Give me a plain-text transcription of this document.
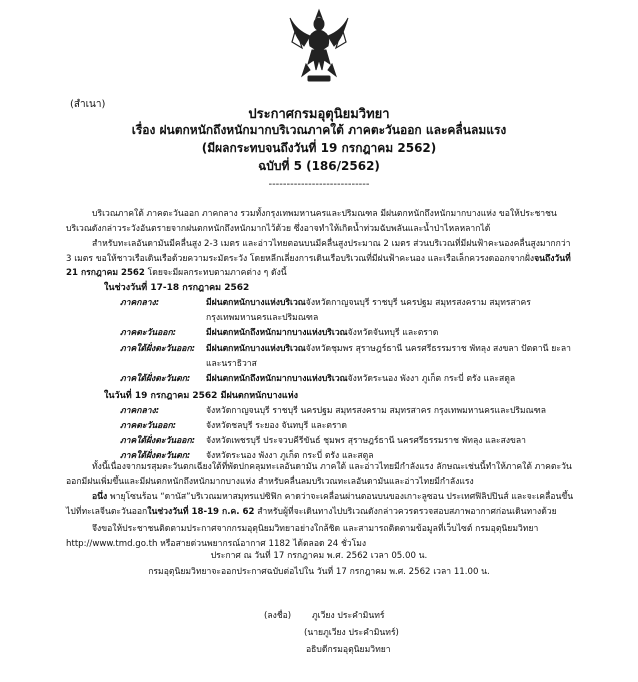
(สำเนา)
ประกาศกรมอุตุนิยมวิทยา
เรื่อง ฝนตกหนักถึงหนักมากบริเวณภาคใต้ ภาคตะวันออก และคลื่นลมแรง
(มีผลกระทบจนถึงวันที่ 19 กรกฎาคม 2562)
ฉบับที่ 5 (186/2562)
----------------------------
บริเวณภาคใต้ ภาคตะวันออก ภาคกลาง รวมทั้งกรุงเทพมหานครและปริมณฑล มีฝนตกหนักถึงหนักมากบางแห่ง ขอให้ประชาชนบริเวณดังกล่าวระวังอันตรายจากฝนตกหนักถึงหนักมากไว้ด้วย ซึ่งอาจทำให้เกิดน้ำท่วมฉับพลันและน้ำป่าไหลหลากได้
สำหรับทะเลอันดามันมีคลื่นสูง 2-3 เมตร และอ่าวไทยตอนบนมีคลื่นสูงประมาณ 2 เมตร ส่วนบริเวณที่มีฝนฟ้าคะนองคลื่นสูงมากกว่า 3 เมตร ขอให้ชาวเรือเดินเรือด้วยความระมัดระวัง โดยหลีกเลี่ยงการเดินเรือบริเวณที่มีฝนฟ้าคะนอง และเรือเล็กควรงดออกจากฝั่งจนถึงวันที่ 21 กรกฎาคม 2562 โดยจะมีผลกระทบตามภาคต่าง ๆ ดังนี้
ในช่วงวันที่ 17-18 กรกฎาคม 2562
ภาคกลาง:	มีฝนตกหนักบางแห่งบริเวณจังหวัดกาญจนบุรี ราชบุรี นครปฐม สมุทรสงคราม สมุทรสาคร
กรุงเทพมหานครและปริมณฑล
ภาคตะวันออก:	มีฝนตกหนักถึงหนักมากบางแห่งบริเวณจังหวัดจันทบุรี และตราด
ภาคใต้ฝั่งตะวันออก:	มีฝนตกหนักบางแห่งบริเวณจังหวัดชุมพร สุราษฎร์ธานี นครศรีธรรมราช พัทลุง สงขลา ปัตตานี ยะลา
และนราธิวาส
ภาคใต้ฝั่งตะวันตก:	มีฝนตกหนักถึงหนักมากบางแห่งบริเวณจังหวัดระนอง พังงา ภูเก็ต กระบี่ ตรัง และสตูล
ในวันที่ 19 กรกฎาคม 2562 มีฝนตกหนักบางแห่ง
ภาคกลาง:	จังหวัดกาญจนบุรี ราชบุรี นครปฐม สมุทรสงคราม สมุทรสาคร กรุงเทพมหานครและปริมณฑล
ภาคตะวันออก:	จังหวัดชลบุรี ระยอง จันทบุรี และตราด
ภาคใต้ฝั่งตะวันออก:	จังหวัดเพชรบุรี ประจวบคีรีขันธ์ ชุมพร สุราษฎร์ธานี นครศรีธรรมราช พัทลุง และสงขลา
ภาคใต้ฝั่งตะวันตก:	จังหวัดระนอง พังงา ภูเก็ต กระบี่ ตรัง และสตูล
ทั้งนี้เนื่องจากมรสุมตะวันตกเฉียงใต้ที่พัดปกคลุมทะเลอันดามัน ภาคใต้ และอ่าวไทยมีกำลังแรง ลักษณะเช่นนี้ทำให้ภาคใต้ ภาคตะวันออกมีฝนเพิ่มขึ้นและมีฝนตกหนักถึงหนักมากบางแห่ง สำหรับคลื่นลมบริเวณทะเลอันดามันและอ่าวไทยมีกำลังแรง
อนึ่ง พายุโซนร้อน “ดานัส”บริเวณมหาสมุทรแปซิฟิก คาดว่าจะเคลื่อนผ่านตอนบนของเกาะลูซอน ประเทศฟิลิปปินส์ และจะเคลื่อนขึ้นไปที่ทะเลจีนตะวันออกในช่วงวันที่ 18-19 ก.ค. 62 สำหรับผู้ที่จะเดินทางไปบริเวณดังกล่าวควรตรวจสอบสภาพอากาศก่อนเดินทางด้วย
จึงขอให้ประชาชนติดตามประกาศจากกรมอุตุนิยมวิทยาอย่างใกล้ชิด และสามารถติดตามข้อมูลที่เว็บไซต์ กรมอุตุนิยมวิทยา http://www.tmd.go.th หรือสายด่วนพยากรณ์อากาศ 1182 ได้ตลอด 24 ชั่วโมง
ประกาศ ณ วันที่ 17 กรกฎาคม พ.ศ. 2562 เวลา 05.00 น.
กรมอุตุนิยมวิทยาจะออกประกาศฉบับต่อไปใน วันที่ 17 กรกฎาคม พ.ศ. 2562 เวลา 11.00 น.
(ลงชื่อ) ภูเวียง ประคำมินทร์
(นายภูเวียง ประคำมินทร์)
อธิบดีกรมอุตุนิยมวิทยา
